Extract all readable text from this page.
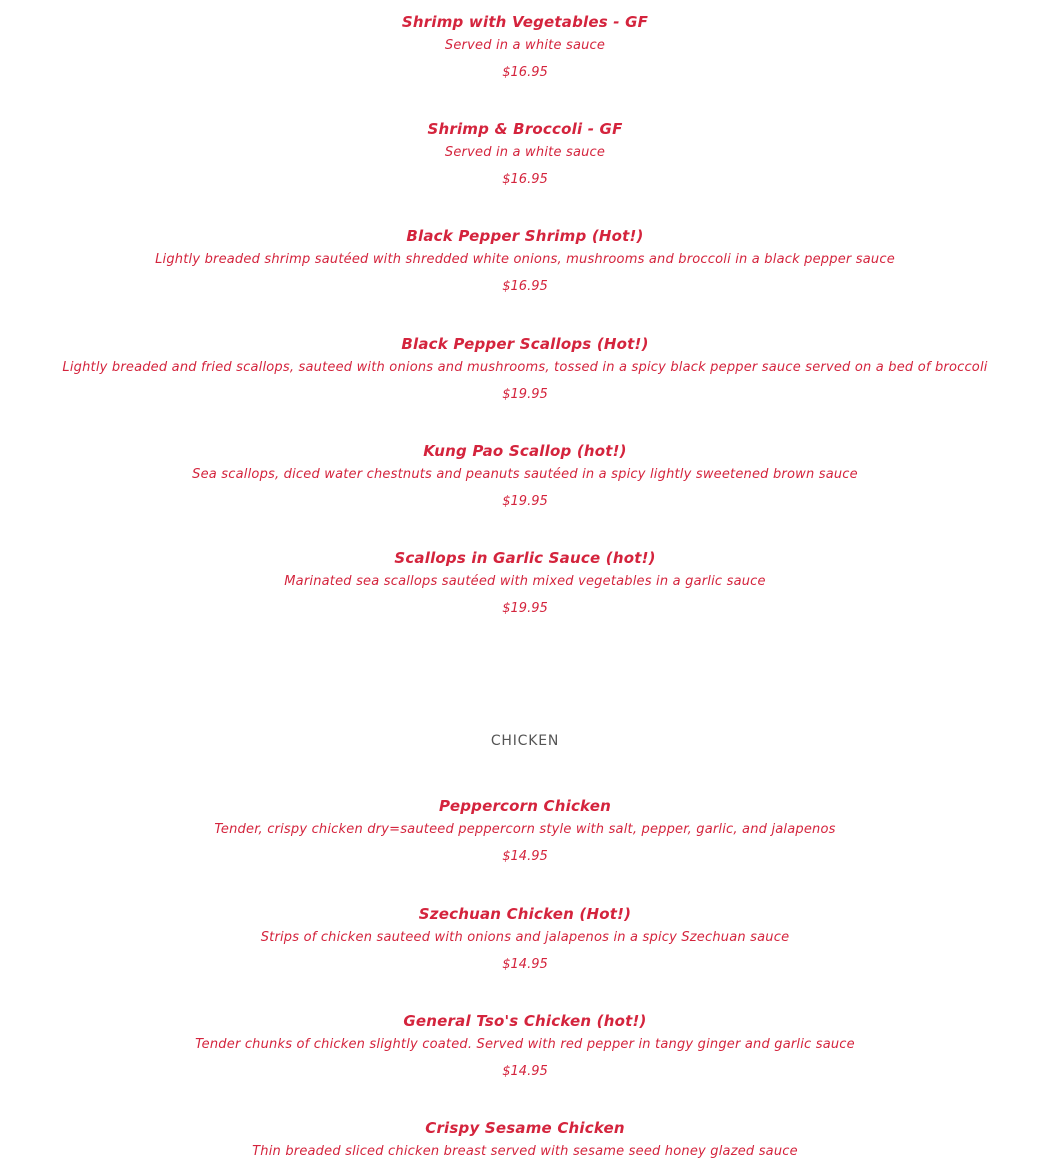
Shrimp with Vegetables - GF
Served in a white sauce
$16.95
Shrimp & Broccoli - GF
Served in a white sauce
$16.95
Black Pepper Shrimp (Hot!)
Lightly breaded shrimp sautéed with shredded white onions, mushrooms and broccoli in a black pepper sauce
$16.95
Black Pepper Scallops (Hot!)
Lightly breaded and fried scallops, sauteed with onions and mushrooms, tossed in a spicy black pepper sauce served on a bed of broccoli
$19.95
Kung Pao Scallop (hot!)
Sea scallops, diced water chestnuts and peanuts sautéed in a spicy lightly sweetened brown sauce
$19.95
Scallops in Garlic Sauce (hot!)
Marinated sea scallops sautéed with mixed vegetables in a garlic sauce
$19.95
CHICKEN
Peppercorn Chicken
Tender, crispy chicken dry=sauteed peppercorn style with salt, pepper, garlic, and jalapenos
$14.95
Szechuan Chicken (Hot!)
Strips of chicken sauteed with onions and jalapenos in a spicy Szechuan sauce
$14.95
General Tso's Chicken (hot!)
Tender chunks of chicken slightly coated. Served with red pepper in tangy ginger and garlic sauce
$14.95
Crispy Sesame Chicken
Thin breaded sliced chicken breast served with sesame seed honey glazed sauce
